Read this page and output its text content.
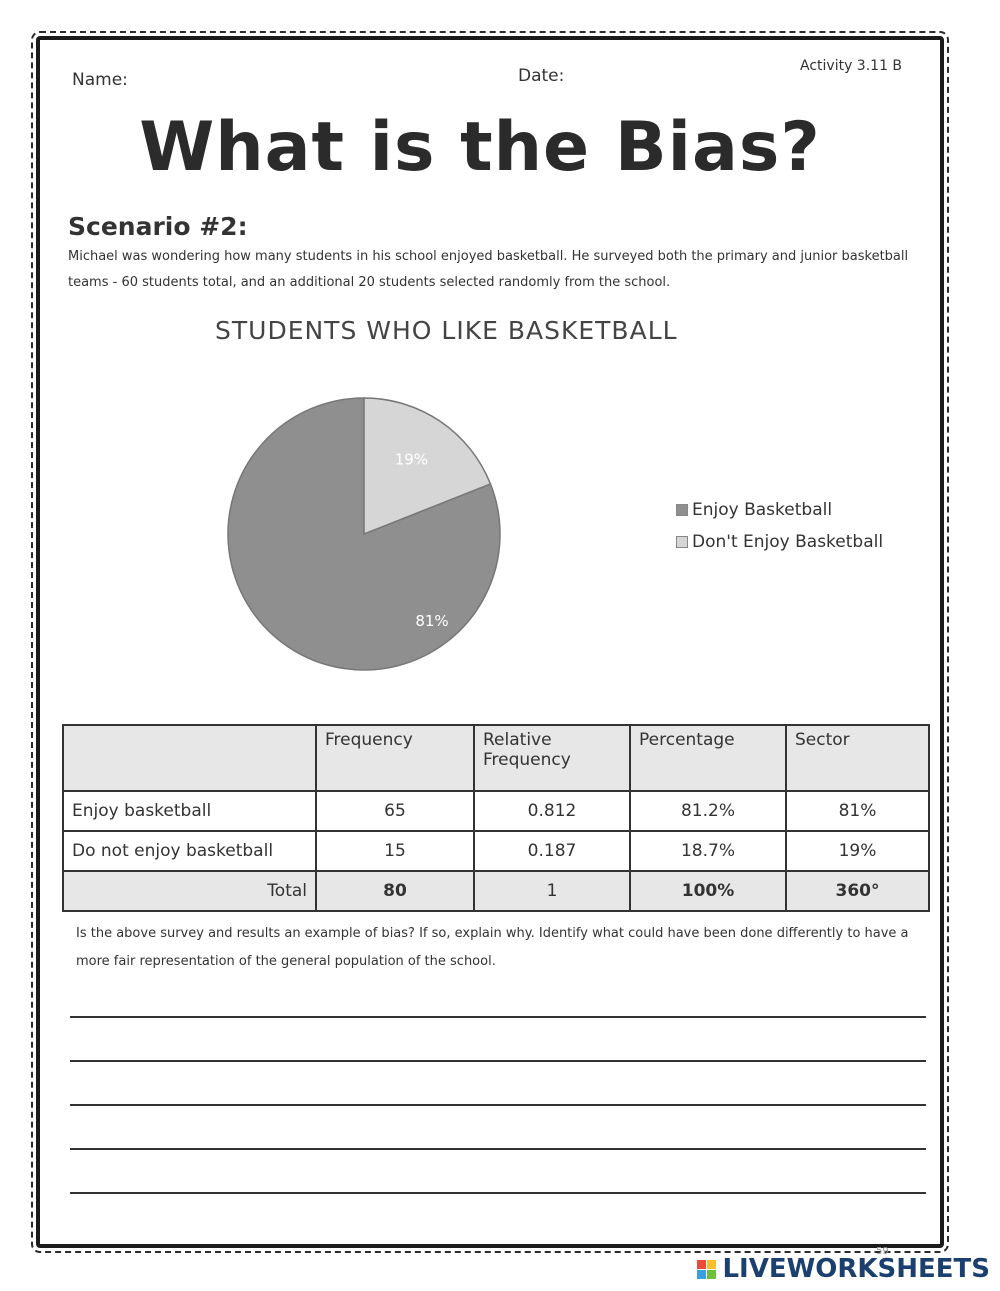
Name:	Date:	Activity 3.11 B
What is the Bias?
Scenario #2:
Michael was wondering how many students in his school enjoyed basketball. He surveyed both the primary and junior basketball teams - 60 students total, and an additional 20 students selected randomly from the school.
STUDENTS WHO LIKE BASKETBALL
81%
19%
Enjoy Basketball
Don't Enjoy Basketball
	Frequency	Relative Frequency	Percentage	Sector
Enjoy basketball	65	0.812	81.2%	81%
Do not enjoy basketball	15	0.187	18.7%	19%
Total	80	1	100%	360°
Is the above survey and results an example of bias? If so, explain why. Identify what could have been done differently to have a more fair representation of the general population of the school.
59
LIVEWORKSHEETS
